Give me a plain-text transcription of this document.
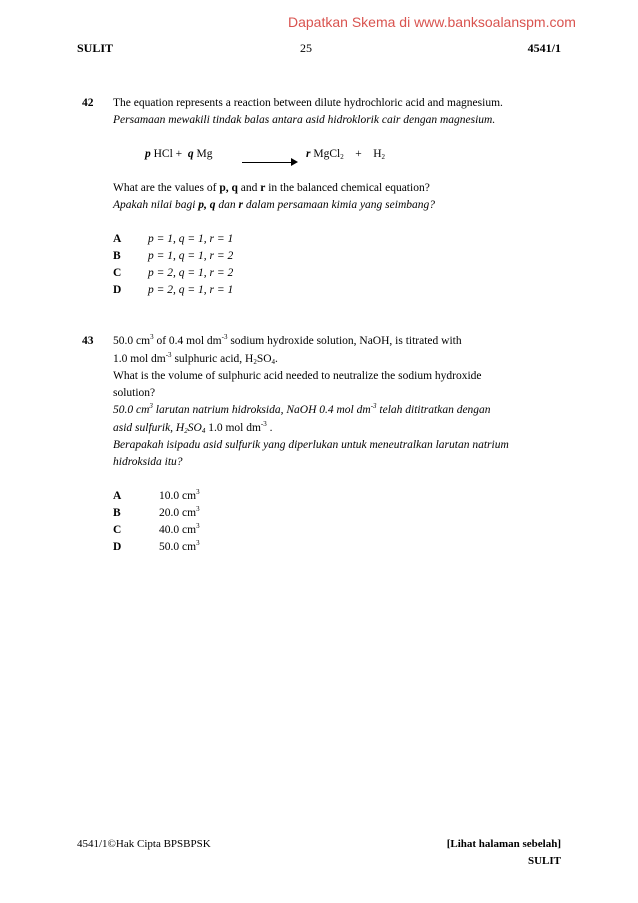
Dapatkan Skema di www.banksoalanspm.com
SULIT	25	4541/1
42 The equation represents a reaction between dilute hydrochloric acid and magnesium.
Persamaan mewakili tindak balas antara asid hidroklorik cair dengan magnesium.
p HCl + q Mg	r MgCl$_2$ + $H_2$
What are the values of p, q and r in the balanced chemical equation?
Apakah nilai bagi p, q dan r dalam persamaan kimia yang seimbang?
A p = 1, q = 1, r = 1
B p = 1, q = 1, r = 2
C p = 2, q = 1, r = 2
D p = 2, q = 1, r = 1
43 50.0 $cm^3$ of 0.4 mol $dm^{-3}$ sodium hydroxide solution, NaOH, is titrated with
1.0 mol $dm^{-3}$ sulphuric acid, $H_2SO_4$.
What is the volume of sulphuric acid needed to neutralize the sodium hydroxide
solution?
50.0 $cm^3$ larutan natrium hidroksida, NaOH 0.4 mol $dm^{-3}$ telah dititratkan dengan
asid sulfurik, $H_2SO_4$ 1.0 mol $dm^{-3}$ .
Berapakah isipadu asid sulfurik yang diperlukan untuk meneutralkan larutan natrium
hidroksida itu?
A	10.0 $cm^3$
B	20.0 $cm^3$
C	40.0 $cm^3$
D	50.0 $cm^3$
4541/1©Hak Cipta BPSBPSK	[Lihat halaman sebelah]
SULIT
